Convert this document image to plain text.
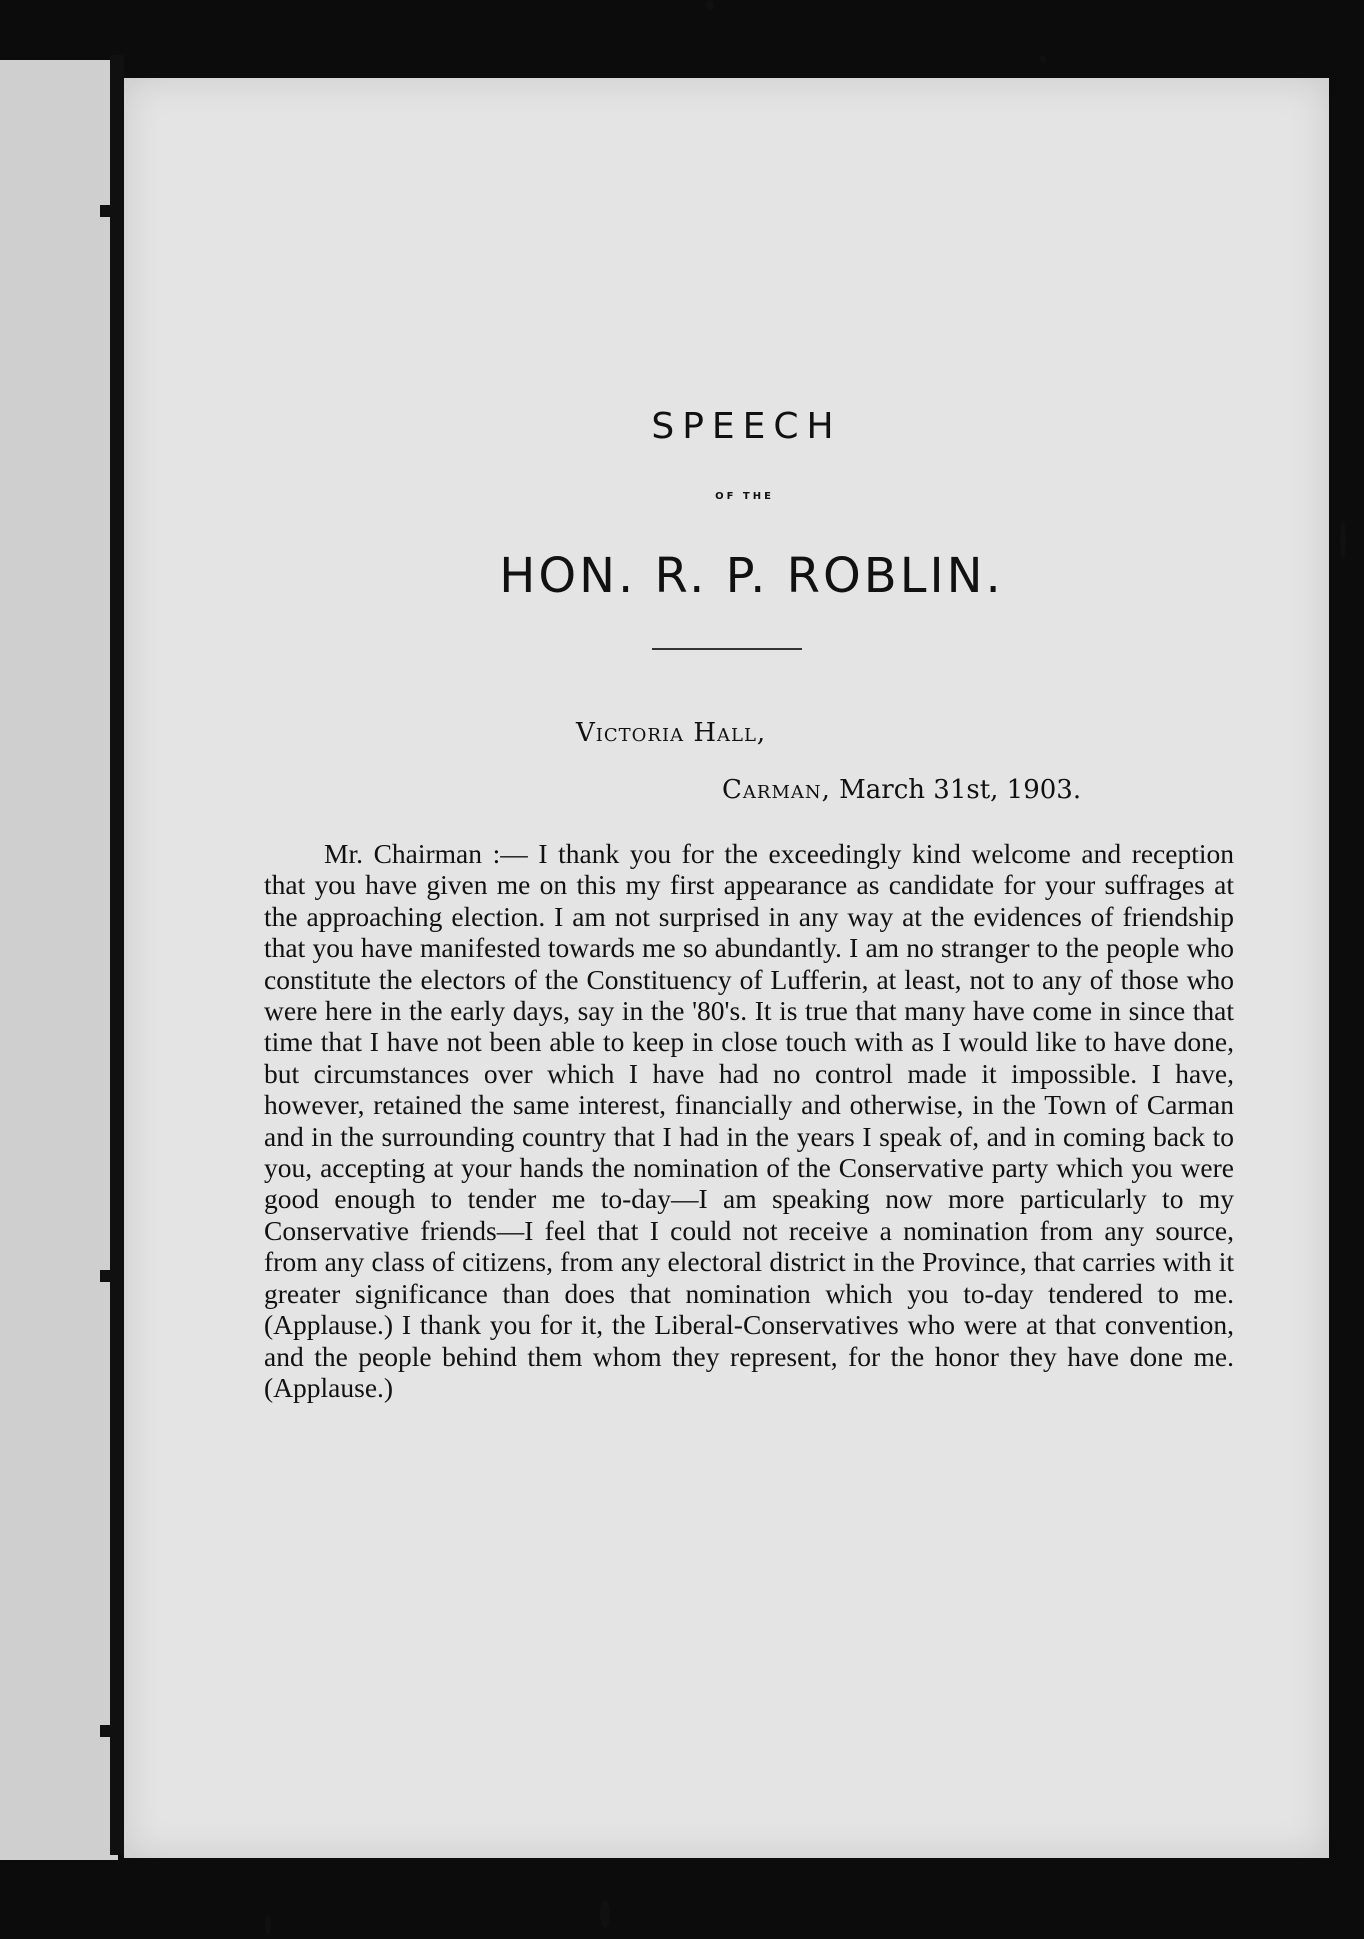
SPEECH
OF THE
HON. R. P. ROBLIN.
Victoria Hall,
Carman, March 31st, 1903.

Mr. Chairman :— I thank you for the exceedingly kind welcome and reception that you have given me on this my first appearance as candidate for your suffrages at the approaching election. I am not surprised in any way at the evidences of friendship that you have manifested towards me so abundantly. I am no stranger to the people who constitute the electors of the Constituency of Lufferin, at least, not to any of those who were here in the early days, say in the '80's. It is true that many have come in since that time that I have not been able to keep in close touch with as I would like to have done, but circumstances over which I have had no control made it impossible. I have, however, retained the same interest, financially and otherwise, in the Town of Carman and in the surrounding country that I had in the years I speak of, and in coming back to you, accepting at your hands the nomination of the Conservative party which you were good enough to tender me to-day—I am speaking now more particularly to my Conservative friends—I feel that I could not receive a nomination from any source, from any class of citizens, from any electoral district in the Province, that carries with it greater significance than does that nomination which you to-day tendered to me. (Applause.) I thank you for it, the Liberal-Conservatives who were at that convention, and the people behind them whom they represent, for the honor they have done me. (Applause.)
